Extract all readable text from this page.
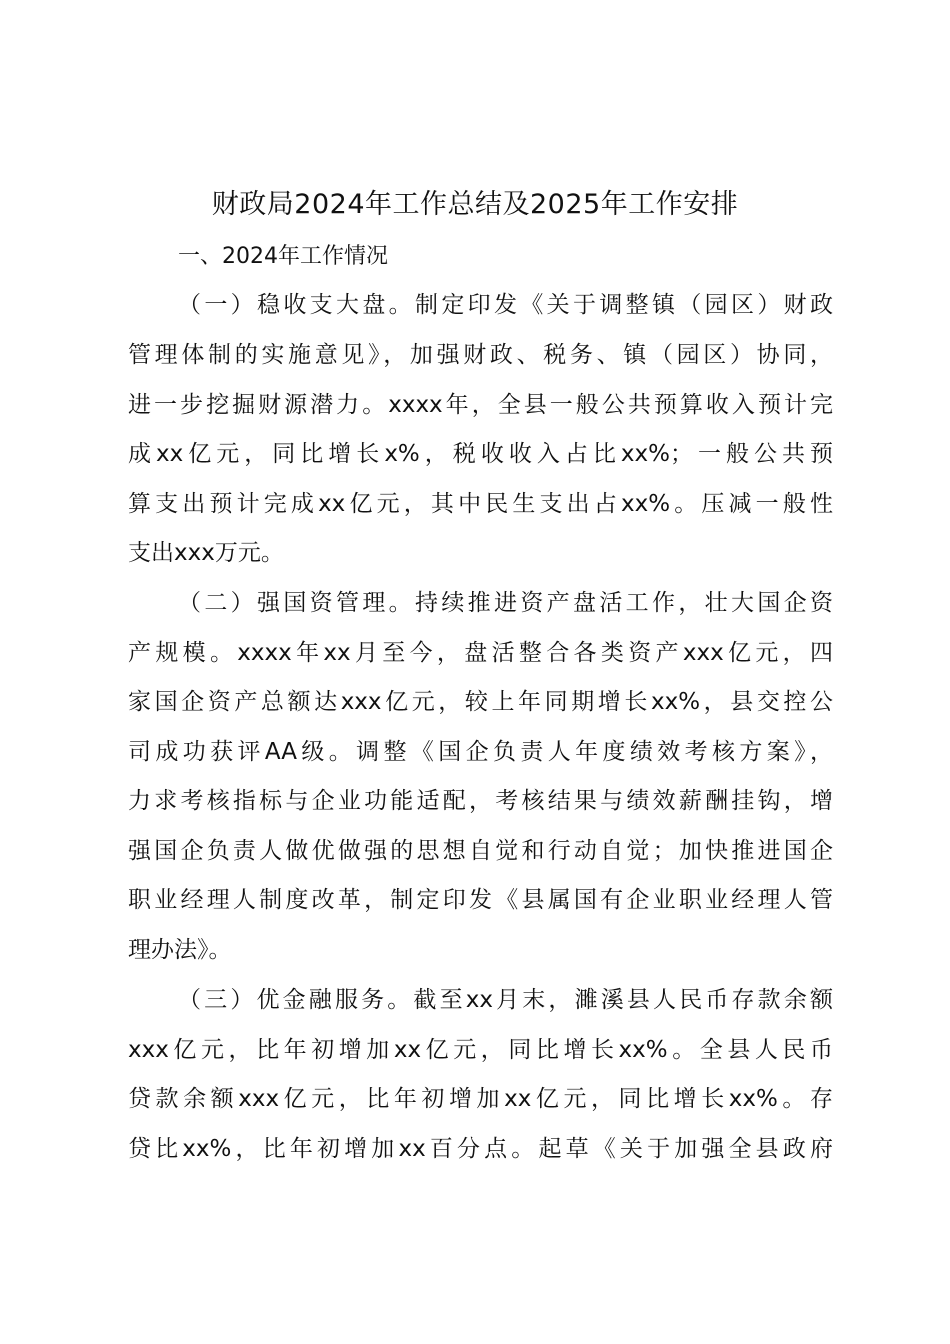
财政局2024年工作总结及2025年工作安排
一、2024年工作情况
（一）稳收支大盘。制定印发《关于调整镇（园区）财政
管理体制的实施意见》，加强财政、税务、镇（园区）协同，
进一步挖掘财源潜力。xxxx年，全县一般公共预算收入预计完
成xx亿元，同比增长x%，税收收入占比xx%；一般公共预
算支出预计完成xx亿元，其中民生支出占xx%。压减一般性
支出xxx万元。
（二）强国资管理。持续推进资产盘活工作，壮大国企资
产规模。xxxx年xx月至今，盘活整合各类资产xxx亿元，四
家国企资产总额达xxx亿元，较上年同期增长xx%，县交控公
司成功获评AA级。调整《国企负责人年度绩效考核方案》，
力求考核指标与企业功能适配，考核结果与绩效薪酬挂钩，增
强国企负责人做优做强的思想自觉和行动自觉；加快推进国企
职业经理人制度改革，制定印发《县属国有企业职业经理人管
理办法》。
（三）优金融服务。截至xx月末，濉溪县人民币存款余额
xxx亿元，比年初增加xx亿元，同比增长xx%。全县人民币
贷款余额xxx亿元，比年初增加xx亿元，同比增长xx%。存
贷比xx%，比年初增加xx百分点。起草《关于加强全县政府
